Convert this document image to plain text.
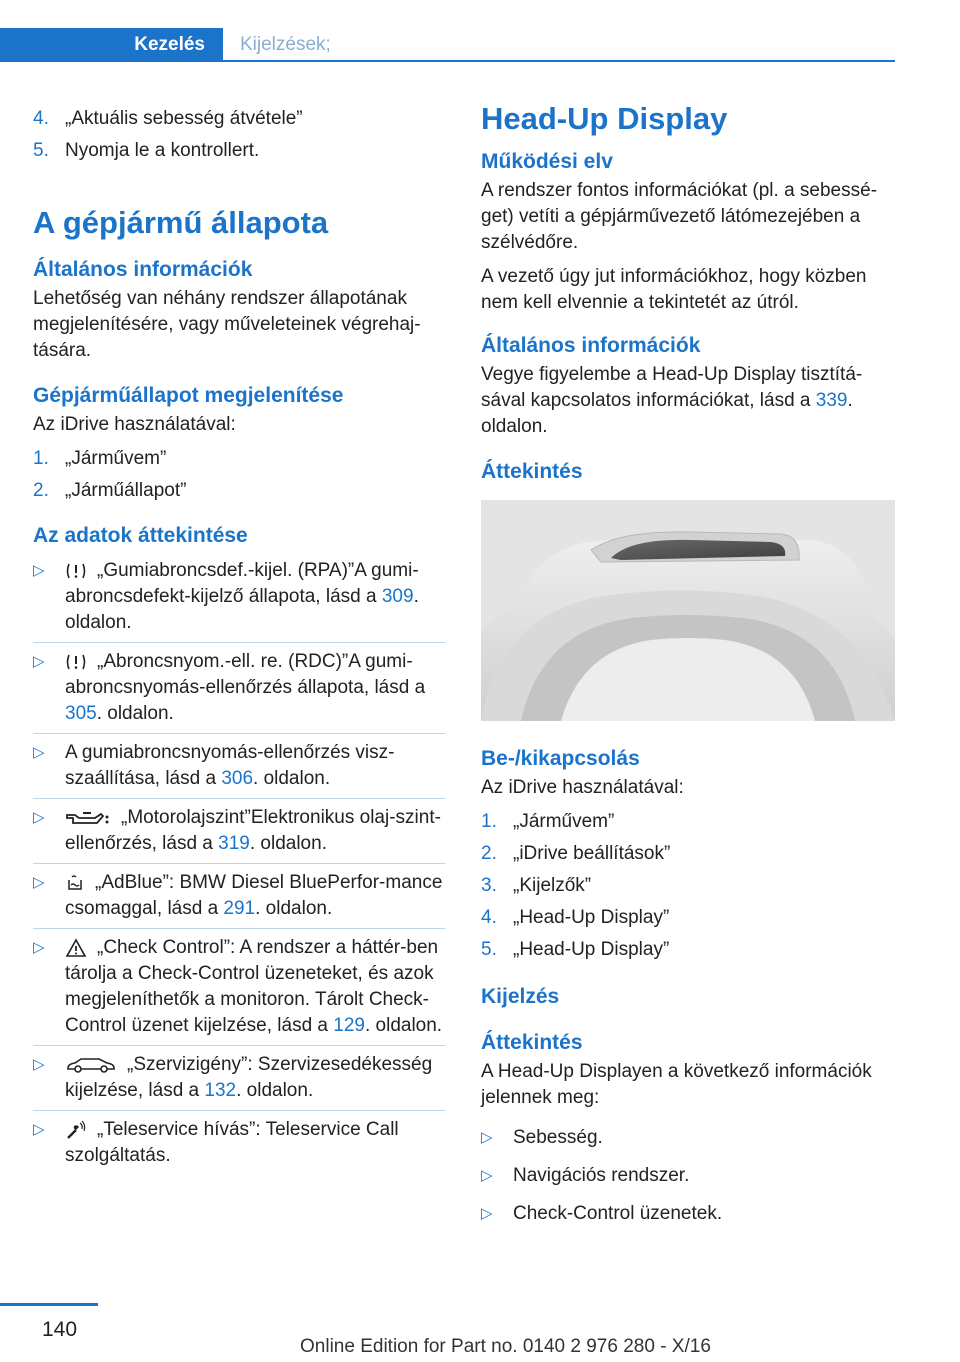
Kezelés	Kijelzések;
4. „Aktuális sebesség átvétele”
5. Nyomja le a kontrollert.
A gépjármű állapota
Általános információk

Lehetőség van néhány rendszer állapotának megjelenítésére, vagy műveleteinek végrehaj-tására.

Gépjárműállapot megjelenítése

Az iDrive használatával:

1. „Járművem”
2. „Járműállapot”
Az adatok áttekintése
▷	„Gumiabroncsdef.-kijel. (RPA)”A gumi-abroncsdefekt-kijelző állapota, lásd a 309. oldalon.
▷	„Abroncsnyom.-ell. re. (RDC)”A gumi-abroncsnyomás-ellenőrzés állapota, lásd a 305. oldalon.
▷	A gumiabroncsnyomás-ellenőrzés visz-szaállítása, lásd a 306. oldalon.
▷	„Motorolajszint”Elektronikus olaj-szint-ellenőrzés, lásd a 319. oldalon.
▷	„AdBlue”: BMW Diesel BluePerfor-mance csomaggal, lásd a 291. oldalon.
▷	„Check Control”: A rendszer a háttér-ben tárolja a Check-Control üzeneteket, és azok megjeleníthetők a monitoron. Tárolt Check-Control üzenet kijelzése, lásd a 129. oldalon.
▷	„Szervizigény”: Szervizesedékesség kijelzése, lásd a 132. oldalon.
▷	„Teleservice hívás”: Teleservice Call szolgáltatás.
Head-Up Display
Működési elv

A rendszer fontos információkat (pl. a sebessé-get) vetíti a gépjárművezető látómezejében a szélvédőre.

A vezető úgy jut információkhoz, hogy közben nem kell elvennie a tekintetét az útról.

Általános információk

Vegye figyelembe a Head-Up Display tisztítá-sával kapcsolatos információkat, lásd a 339. oldalon.

Áttekintés
Be-/kikapcsolás

Az iDrive használatával:

1. „Járművem”
2. „iDrive beállítások”
3. „Kijelzők”
4. „Head-Up Display”
5. „Head-Up Display”
Kijelzés
Áttekintés

A Head-Up Displayen a következő információk jelennek meg:

▷	Sebesség.
▷	Navigációs rendszer.
▷	Check-Control üzenetek.
140
Online Edition for Part no. 0140 2 976 280 - X/16
